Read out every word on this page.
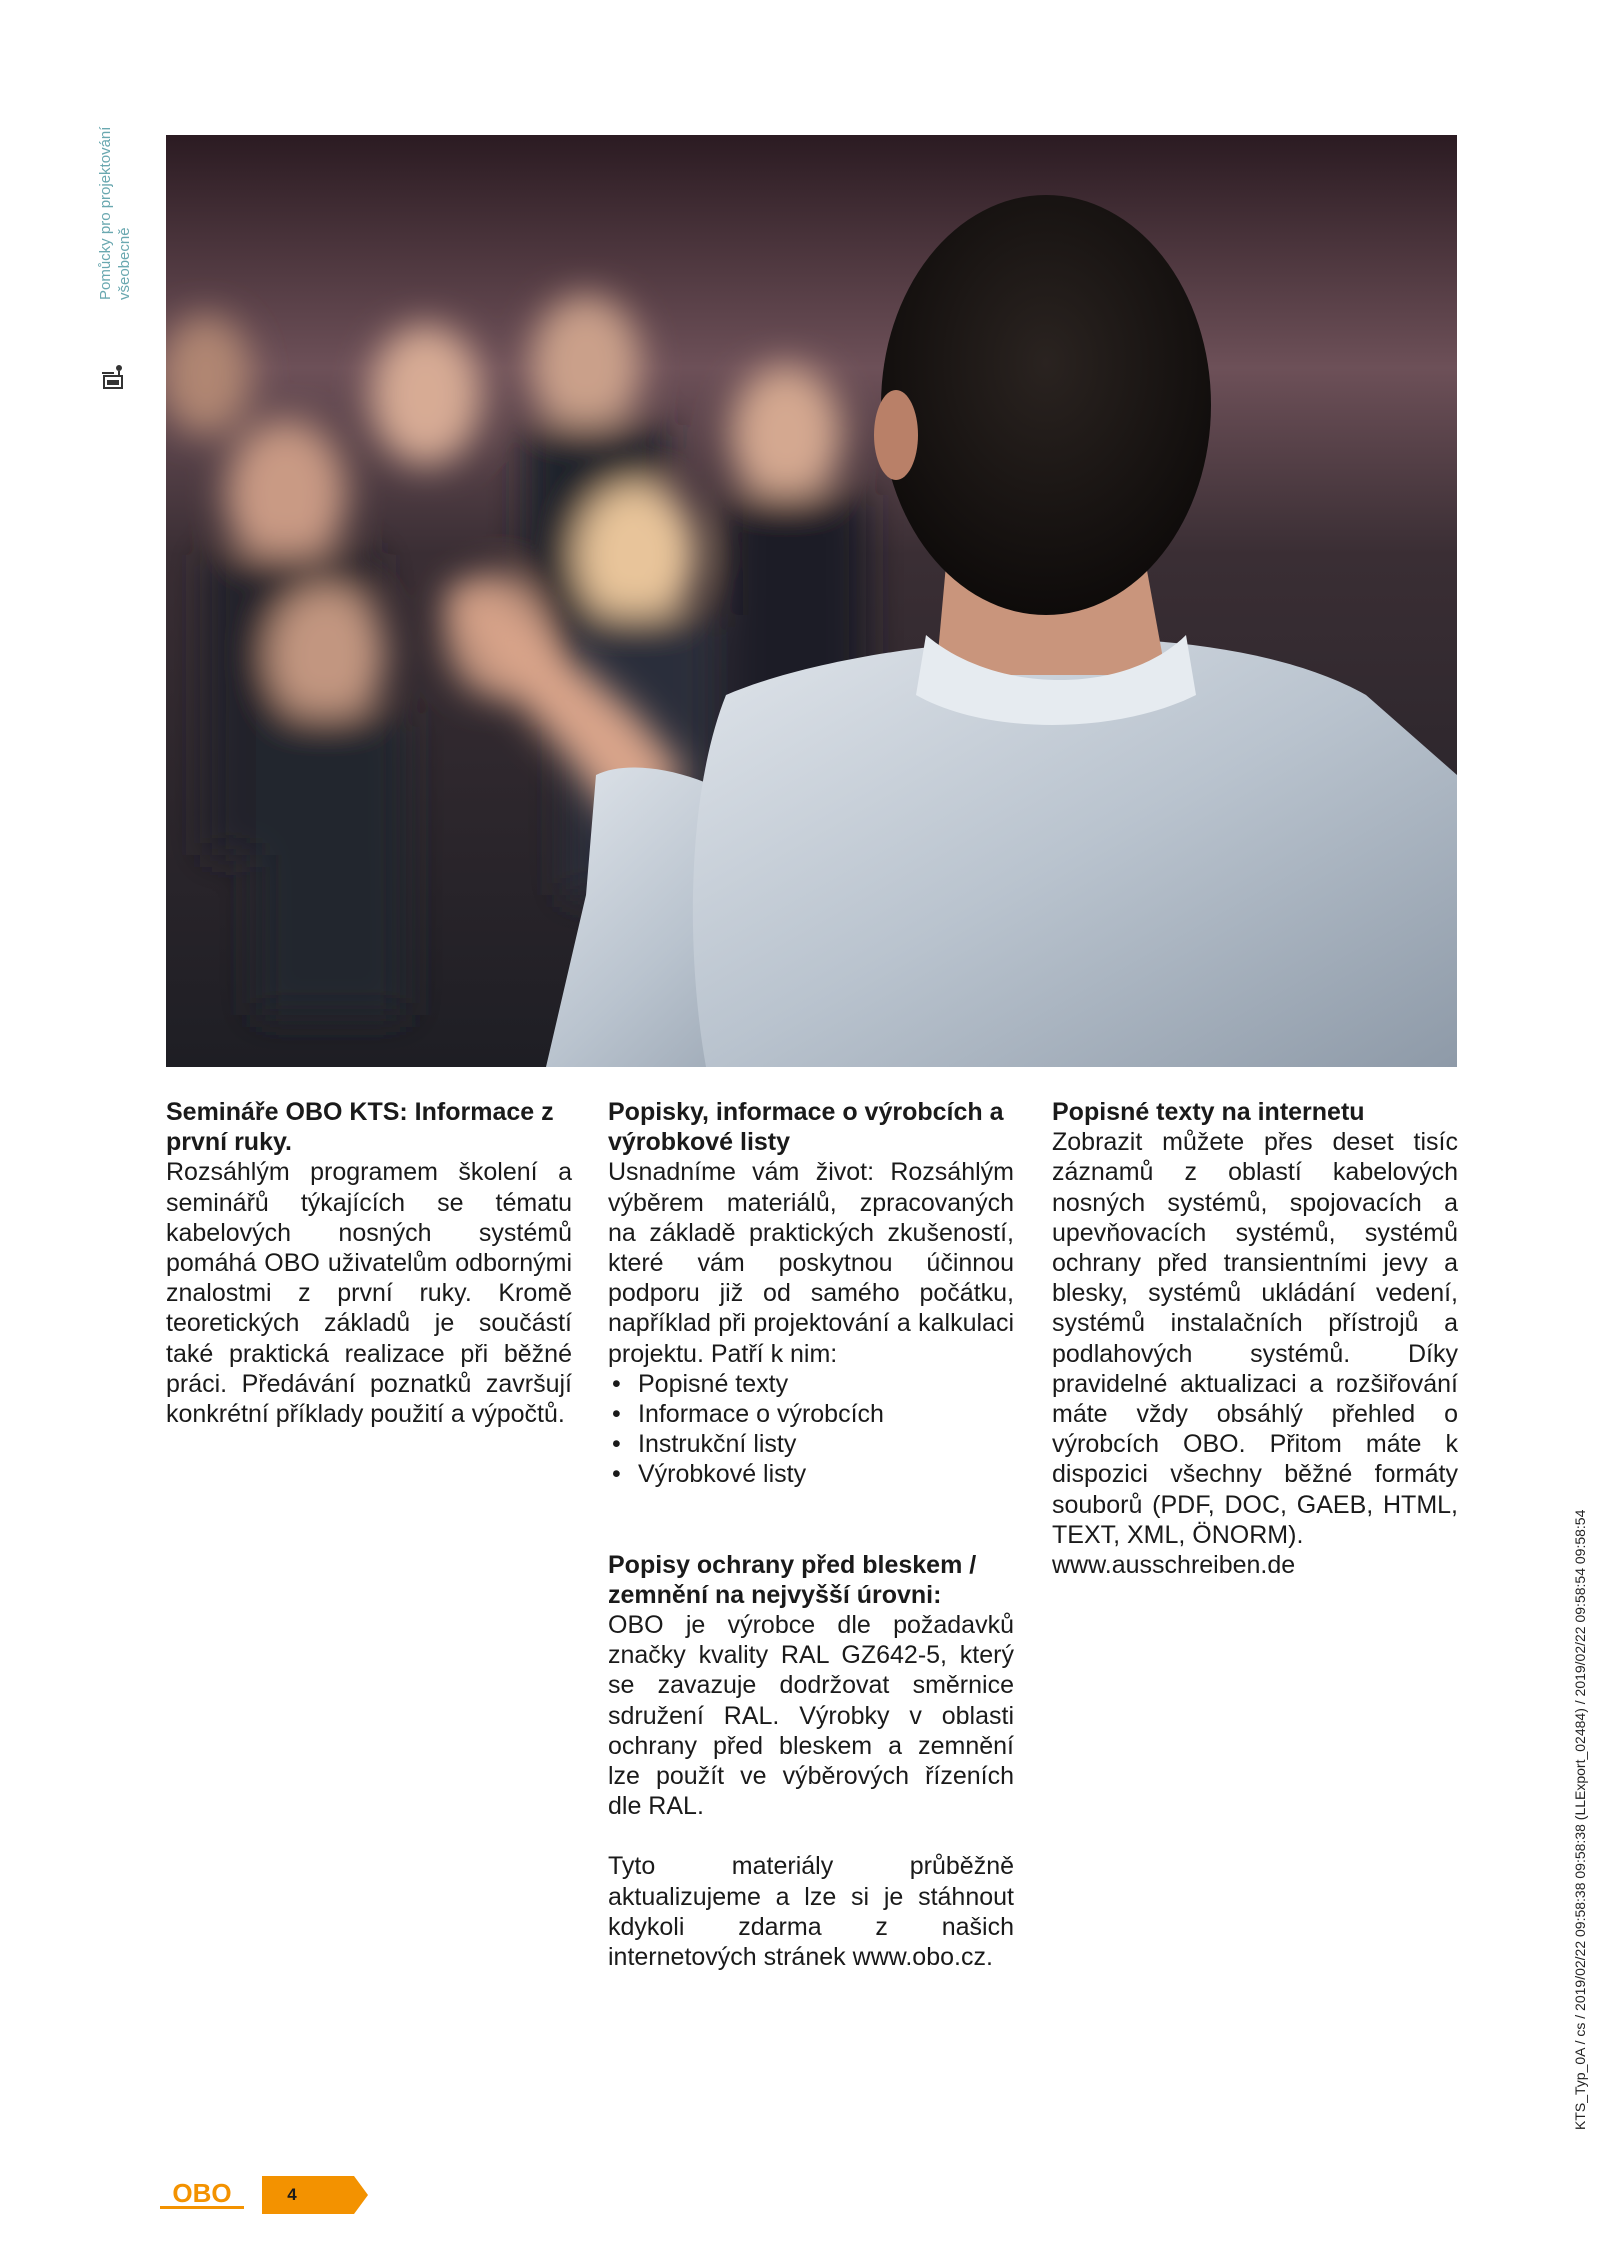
Pomůcky pro projektování všeobecně
Semináře OBO KTS: Informace z první ruky.

Rozsáhlým programem školení a seminářů týkajících se tématu kabelových nosných systémů pomáhá OBO uživatelům odbornými znalostmi z první ruky. Kromě teoretických základů je součástí také praktická realizace při běžné práci. Předávání poznatků završují konkrétní příklady použití a výpočtů.

Popisky, informace o výrobcích a výrobkové listy

Usnadníme vám život: Rozsáhlým výběrem materiálů, zpracovaných na základě praktických zkušeností, které vám poskytnou účinnou podporu již od samého počátku, například při projektování a kalkulaci projektu. Patří k nim:

• Popisné texty
• Informace o výrobcích
• Instrukční listy
• Výrobkové listy
Popisy ochrany před bleskem / zemnění na nejvyšší úrovni:

OBO je výrobce dle požadavků značky kvality RAL GZ642-5, který se zavazuje dodržovat směrnice sdružení RAL. Výrobky v oblasti ochrany před bleskem a zemnění lze použít ve výběrových řízeních dle RAL.

Tyto materiály průběžně aktualizujeme a lze si je stáhnout kdykoli zdarma z našich internetových stránek www.obo.cz.

Popisné texty na internetu

Zobrazit můžete přes deset tisíc záznamů z oblastí kabelových nosných systémů, spojovacích a upevňovacích systémů, systémů ochrany před transientními jevy a blesky, systémů ukládání vedení, systémů instalačních přístrojů a podlahových systémů. Díky pravidelné aktualizaci a rozšiřování máte vždy obsáhlý přehled o výrobcích OBO. Přitom máte k dispozici všechny běžné formáty souborů (PDF, DOC, GAEB, HTML, TEXT, XML, ÖNORM).

www.ausschreiben.de	KTS_Typ_0A / cs / 2019/02/22 09:58:38 09:58:38 (LLExport_02484) / 2019/02/22 09:58:54 09:58:54
OBO	4
